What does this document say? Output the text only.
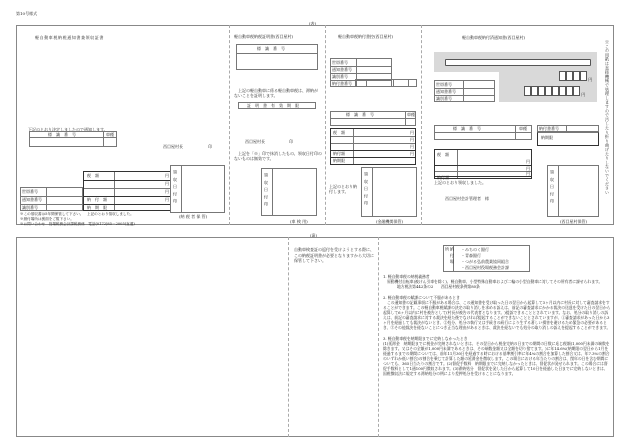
第10号様式
(表)
軽自動車税納税通知書兼領収証書
下記のとおり決定しましたので通知します。
標　識　番　号	車種
西目屋村長	印
税　額
納　付　額
納　期　限
円
円
円
円
世帯番号
通知書番号
識別番号
領収日付印
(納 税 者 保 管)
※この領収書は5年間保管して下さい。　上記のとおり領収しました。
※納付場所は裏面をご覧下さい。
※お問い合わせ　役場税務会計課税務係　電話(0172)85－2005(直通)
軽自動車税納税証明書(西目屋村)
標　識　番　号
上記の軽自動車に係る軽自動車税は、滞納がないことを証明します。
証　明　書　有　効　期　限
西目屋村長	印
上記を「※」印で抹消したもの、領収日付印のないものは無効です。
領収日付印
(車 検 用)
軽自動車税納付書控(西目屋村)
世帯番号
通知書番号
識別番号
納付書番号
標　識　番　号	車種
税　額
納付額
納期限
円
円
円
円
上記のとおり納付します。	領収日付印
(金融機関保管)
軽自動車税納付済通知書(西目屋村)
円
円
世帯番号
通知書番号
識別番号
標　識　番　号	車種
税　額
納付額
円
円
円
上記のとおり領収しました。
西目屋村会計管理者　様
納付書番号
納期限
領収日付印
(西目屋村保管)
※この用紙は直接機械で処理しますので汚したり折り曲げたりしないでください
(裏)
自動車検査証の返付を受けようとする際に、この納税証明書が必要となりますから大切に保管して下さい。	納付場所	・みちのく銀行
・青森銀行
・つがる弘前農業協同組合
・西目屋村役場税務会計課
1. 軽自動車税の納税義務者
原動機付自転車(被けん引車を除く)、軽自動車、小型特殊自動車および二輪の小型自動車に対してその所有者に課せられます。
地方税法第442条の2　　西目屋村税条例第80条
2. 軽自動車税の賦課について不服があるとき
この通知書の記載事項に不服がある場合は、この通知書を受け取った日の翌日から起算して3ヶ月以内に村長に対して審査請求をすることができます。この軽自動車税賦課の決定の取り消しを求める訴えは、前記の審査請求にかかる裁決の送達を受けた日の翌日から起算して6ヶ月以内に村を被告として(村長が被告の代表者となります。)提訴できることとされています。なお、処分の取り消しの訴えは、前記の審査請求に対する裁決を経た後でなければ提起することができないこととされていますが、①審査請求があった日から3ヶ月を経過しても裁決がないとき、②処分、処分の執行又は手続きの続行により生ずる著しい損害を避けるため緊急の必要があるとき、③その他裁決を経ないことにつき正当な理由があるときは、裁決を経ないでも処分の取り消しの訴えを提起することができます。
3. 軽自動車税を納期限までに完納しなかったとき
(1)延滞金　納期限までに税金が完納されないときは、その翌日から税金完納の日までの期間の日数に応じ税額(1,000円未満の端数を除きます。又はその全額が1,000円未満であるときは、その端数金額又は全額を切り捨てます。)に年14.6%(納期限の翌日から1月を経過するまでの期間については、前年11月30日を経過する時における基準割引率に年4%の割合を加算した割合又は、年7.3%の割合のいずれか低い割合)の割合を乗じて計算した額の延滞金を徴収します。この場合における年当たりの割合は、閏年の日を含む期間についても、365日当たりの割合です。(2)督促手数料　納期限までに完納しなかったときは、督促状が発せられます。この場合には督促手数料として1通100円徴収されます。(3)滞納処分　督促状を発した日から起算して10日を経過した日までに完納しないときは、国税徴収法に規定する滞納処分の例により差押処分を受けることになります。
